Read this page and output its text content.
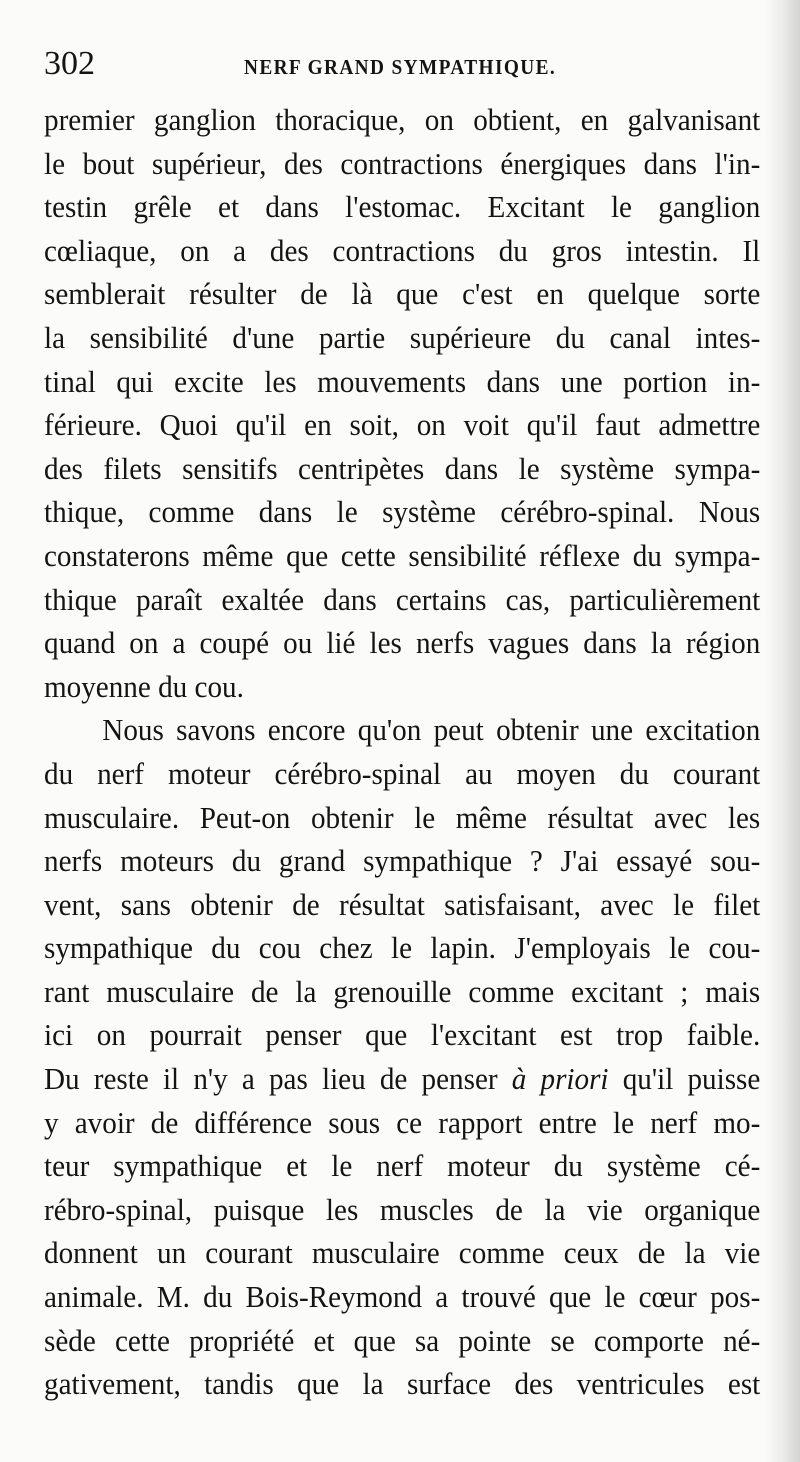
302	NERF GRAND SYMPATHIQUE.
premier ganglion thoracique, on obtient, en galvanisant
le bout supérieur, des contractions énergiques dans l'in-
testin grêle et dans l'estomac. Excitant le ganglion
cœliaque, on a des contractions du gros intestin. Il
semblerait résulter de là que c'est en quelque sorte
la sensibilité d'une partie supérieure du canal intes-
tinal qui excite les mouvements dans une portion in-
férieure. Quoi qu'il en soit, on voit qu'il faut admettre
des filets sensitifs centripètes dans le système sympa-
thique, comme dans le système cérébro-spinal. Nous
constaterons même que cette sensibilité réflexe du sympa-
thique paraît exaltée dans certains cas, particulièrement
quand on a coupé ou lié les nerfs vagues dans la région
moyenne du cou.
Nous savons encore qu'on peut obtenir une excitation
du nerf moteur cérébro-spinal au moyen du courant
musculaire. Peut-on obtenir le même résultat avec les
nerfs moteurs du grand sympathique ? J'ai essayé sou-
vent, sans obtenir de résultat satisfaisant, avec le filet
sympathique du cou chez le lapin. J'employais le cou-
rant musculaire de la grenouille comme excitant ; mais
ici on pourrait penser que l'excitant est trop faible.
Du reste il n'y a pas lieu de penser à priori qu'il puisse
y avoir de différence sous ce rapport entre le nerf mo-
teur sympathique et le nerf moteur du système cé-
rébro-spinal, puisque les muscles de la vie organique
donnent un courant musculaire comme ceux de la vie
animale. M. du Bois-Reymond a trouvé que le cœur pos-
sède cette propriété et que sa pointe se comporte né-
gativement, tandis que la surface des ventricules est
